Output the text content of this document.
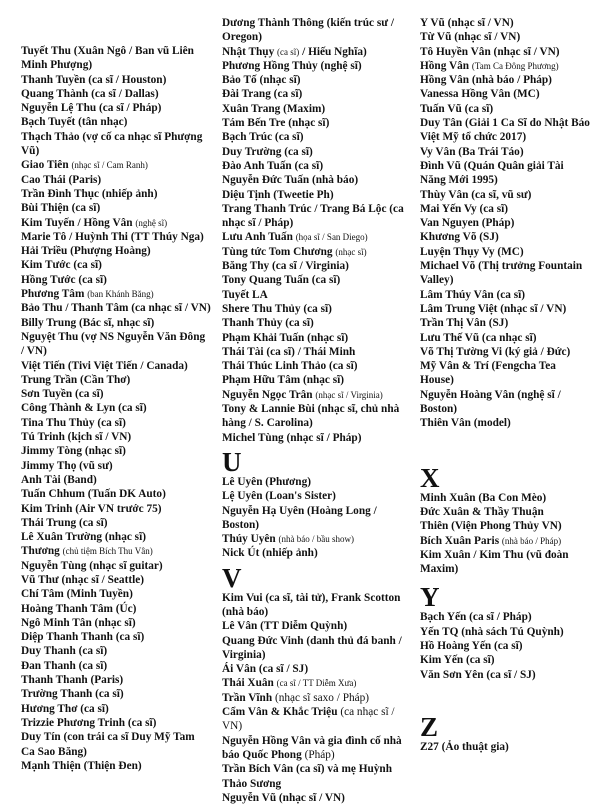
Tuyết Thu (Xuân Ngô / Ban vũ Liên Minh Phượng)
Thanh Tuyền (ca sĩ / Houston)
Quang Thành (ca sĩ / Dallas)
Nguyễn Lệ Thu (ca sĩ / Pháp)
Bạch Tuyết (tân nhạc)
Thạch Thảo (vợ cố ca nhạc sĩ Phượng Vũ)
Giao Tiên (nhạc sĩ / Cam Ranh)
Cao Thái (Paris)
Trần Đình Thục (nhiếp ảnh)
Bùi Thiện (ca sĩ)
Kim Tuyến / Hồng Vân (nghệ sĩ)
Marie Tô / Huỳnh Thi (TT Thúy Nga)
Hải Triều (Phượng Hoàng)
Kim Tước (ca sĩ)
Hồng Tước (ca sĩ)
Phương Tâm (ban Khánh Băng)
Bảo Thu / Thanh Tâm (ca nhạc sĩ / VN)
Billy Trung (Bác sĩ, nhạc sĩ)
Nguyệt Thu (vợ NS Nguyễn Văn Đông / VN)
Việt Tiến (Tivi Việt Tiến / Canada)
Trung Trần (Cần Thơ)
Sơn Tuyền (ca sĩ)
Công Thành & Lyn (ca sĩ)
Tina Thu Thủy (ca sĩ)
Tú Trinh (kịch sĩ / VN)
Jimmy Tòng (nhạc sĩ)
Jimmy Thọ (vũ sư)
Anh Tài (Band)
Tuấn Chhum (Tuấn DK Auto)
Kim Trinh (Air VN trước 75)
Thái Trung (ca sĩ)
Lê Xuân Trường (nhạc sĩ)
Thương (chủ tiệm Bích Thu Vân)
Nguyễn Tùng (nhạc sĩ guitar)
Vũ Thư (nhạc sĩ / Seattle)
Chí Tâm (Minh Tuyền)
Hoàng Thanh Tâm (Úc)
Ngô Minh Tân (nhạc sĩ)
Diệp Thanh Thanh (ca sĩ)
Duy Thanh (ca sĩ)
Đan Thanh (ca sĩ)
Thanh Thanh (Paris)
Trường Thanh (ca sĩ)
Hương Thơ (ca sĩ)
Trizzie Phương Trinh (ca sĩ)
Duy Tín (con trái ca sĩ Duy Mỹ Tam Ca Sao Băng)
Mạnh Thiện (Thiện Đen)
Dương Thành Thông (kiến trúc sư / Oregon)
Nhật Thụy (ca sĩ) / Hiếu Nghĩa)
Phương Hồng Thủy (nghệ sĩ)
Bảo Tố (nhạc sĩ)
Đài Trang (ca sĩ)
Xuân Trang (Maxim)
Tám Bến Tre (nhạc sĩ)
Bạch Trúc (ca sĩ)
Duy Trường (ca sĩ)
Đào Anh Tuấn (ca sĩ)
Nguyễn Đức Tuấn (nhà báo)
Diệu Tịnh (Tweetie Ph)
Trang Thanh Trúc / Trang Bá Lộc (ca nhạc sĩ / Pháp)
Lưu Anh Tuấn (họa sĩ / San Diego)
Tùng tức Tom Chương (nhạc sĩ)
Băng Thy (ca sĩ / Virginia)
Tony Quang Tuấn (ca sĩ)
Tuyết LA
Shere Thu Thủy (ca sĩ)
Thanh Thủy (ca sĩ)
Phạm Khải Tuấn (nhạc sĩ)
Thái Tài (ca sĩ) / Thái Minh
Thái Thúc Linh Thảo (ca sĩ)
Phạm Hữu Tâm (nhạc sĩ)
Nguyễn Ngọc Trân (nhạc sĩ / Virginia)
Tony & Lannie Bùi (nhạc sĩ, chủ nhà hàng / S. Carolina)
Michel Tùng (nhạc sĩ / Pháp)
U
Lê Uyên (Phương)
Lệ Uyên (Loan's Sister)
Nguyễn Hạ Uyên (Hoàng Long / Boston)
Thúy Uyên (nhà báo / bầu show)
Nick Út (nhiếp ảnh)
V
Kim Vui (ca sĩ, tài tử), Frank Scotton (nhà báo)
Lê Vân (TT Diễm Quỳnh)
Quang Đức Vinh (danh thủ đá banh / Virginia)
Ái Vân (ca sĩ / SJ)
Thái Xuân (ca sĩ / TT Diễm Xưa)
Trần Vĩnh (nhạc sĩ saxo / Pháp)
Cẩm Vân & Khắc Triệu (ca nhạc sĩ / VN)
Nguyễn Hồng Vân và gia đình cố nhà báo Quốc Phong (Pháp)
Trần Bích Vân (ca sĩ) và mẹ Huỳnh Thảo Sương
Nguyễn Vũ (nhạc sĩ / VN)
Y Vũ (nhạc sĩ / VN)
Từ Vũ (nhạc sĩ / VN)
Tô Huyền Vân (nhạc sĩ / VN)
Hồng Vân (Tam Ca Đông Phương)
Hồng Vân (nhà báo / Pháp)
Vanessa Hồng Vân (MC)
Tuấn Vũ (ca sĩ)
Duy Tân (Giải 1 Ca Sĩ do Nhật Báo Việt Mỹ tổ chức 2017)
Vy Vân (Ba Trái Táo)
Đình Vũ (Quán Quân giải Tài Năng Mới 1995)
Thùy Vân (ca sĩ, vũ sư)
Mai Yến Vy (ca sĩ)
Van Nguyen (Pháp)
Khương Võ (SJ)
Luyện Thụy Vy (MC)
Michael Võ (Thị trưởng Fountain Valley)
Lâm Thúy Vân (ca sĩ)
Lâm Trung Việt (nhạc sĩ / VN)
Trần Thị Vân (SJ)
Lưu Thế Vũ (ca nhạc sĩ)
Võ Thị Tường Vi (ký giả / Đức)
Mỹ Vân & Trí (Fengcha Tea House)
Nguyễn Hoàng Vân (nghệ sĩ / Boston)
Thiên Vân (model)
X
Minh Xuân (Ba Con Mèo)
Đức Xuân & Thầy Thuận
Thiên (Viện Phong Thủy VN)
Bích Xuân Paris (nhà báo / Pháp)
Kim Xuân / Kim Thu (vũ đoàn Maxim)
Y
Bạch Yến (ca sĩ / Pháp)
Yến TQ (nhà sách Tú Quỳnh)
Hồ Hoàng Yến (ca sĩ)
Kim Yến (ca sĩ)
Văn Sơn Yên (ca sĩ / SJ)
Z
Z27 (Ảo thuật gia)
